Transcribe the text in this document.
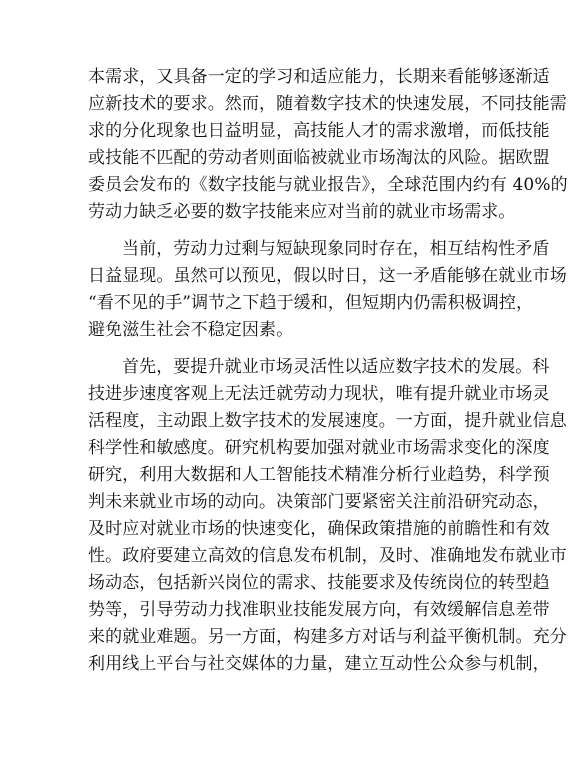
本需求，又具备一定的学习和适应能力，长期来看能够逐渐适
应新技术的要求。然而，随着数字技术的快速发展，不同技能需
求的分化现象也日益明显，高技能人才的需求激增，而低技能
或技能不匹配的劳动者则面临被就业市场淘汰的风险。据欧盟
委员会发布的《数字技能与就业报告》，全球范围内约有 40%的
劳动力缺乏必要的数字技能来应对当前的就业市场需求。
当前，劳动力过剩与短缺现象同时存在，相互结构性矛盾
日益显现。虽然可以预见，假以时日，这一矛盾能够在就业市场
“看不见的手”调节之下趋于缓和，但短期内仍需积极调控，
避免滋生社会不稳定因素。
首先，要提升就业市场灵活性以适应数字技术的发展。科
技进步速度客观上无法迁就劳动力现状，唯有提升就业市场灵
活程度，主动跟上数字技术的发展速度。一方面，提升就业信息
科学性和敏感度。研究机构要加强对就业市场需求变化的深度
研究，利用大数据和人工智能技术精准分析行业趋势，科学预
判未来就业市场的动向。决策部门要紧密关注前沿研究动态，
及时应对就业市场的快速变化，确保政策措施的前瞻性和有效
性。政府要建立高效的信息发布机制，及时、准确地发布就业市
场动态，包括新兴岗位的需求、技能要求及传统岗位的转型趋
势等，引导劳动力找准职业技能发展方向，有效缓解信息差带
来的就业难题。另一方面，构建多方对话与利益平衡机制。充分
利用线上平台与社交媒体的力量，建立互动性公众参与机制，
